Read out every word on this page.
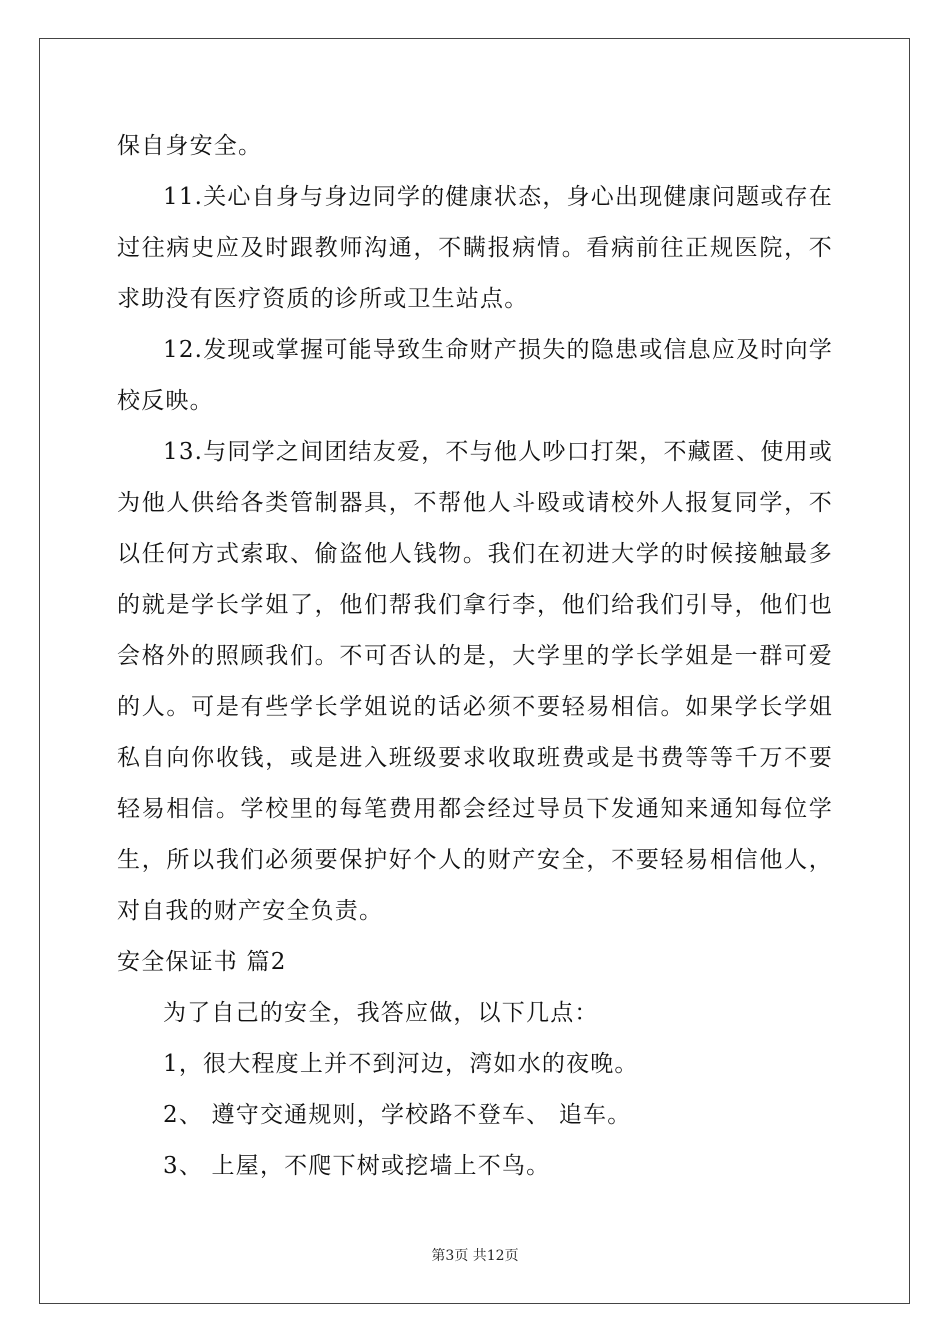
保自身安全。

11.关心自身与身边同学的健康状态，身心出现健康问题或存在过往病史应及时跟教师沟通，不瞒报病情。看病前往正规医院，不求助没有医疗资质的诊所或卫生站点。

12.发现或掌握可能导致生命财产损失的隐患或信息应及时向学校反映。

13.与同学之间团结友爱，不与他人吵口打架，不藏匿、使用或为他人供给各类管制器具，不帮他人斗殴或请校外人报复同学，不以任何方式索取、偷盗他人钱物。我们在初进大学的时候接触最多的就是学长学姐了，他们帮我们拿行李，他们给我们引导，他们也会格外的照顾我们。不可否认的是，大学里的学长学姐是一群可爱的人。可是有些学长学姐说的话必须不要轻易相信。如果学长学姐私自向你收钱，或是进入班级要求收取班费或是书费等等千万不要轻易相信。学校里的每笔费用都会经过导员下发通知来通知每位学生，所以我们必须要保护好个人的财产安全，不要轻易相信他人，对自我的财产安全负责。

安全保证书 篇2

为了自己的安全，我答应做，以下几点：

1，很大程度上并不到河边，湾如水的夜晚。

2、 遵守交通规则，学校路不登车、 追车。

3、 上屋，不爬下树或挖墙上不鸟。

第3页 共12页
